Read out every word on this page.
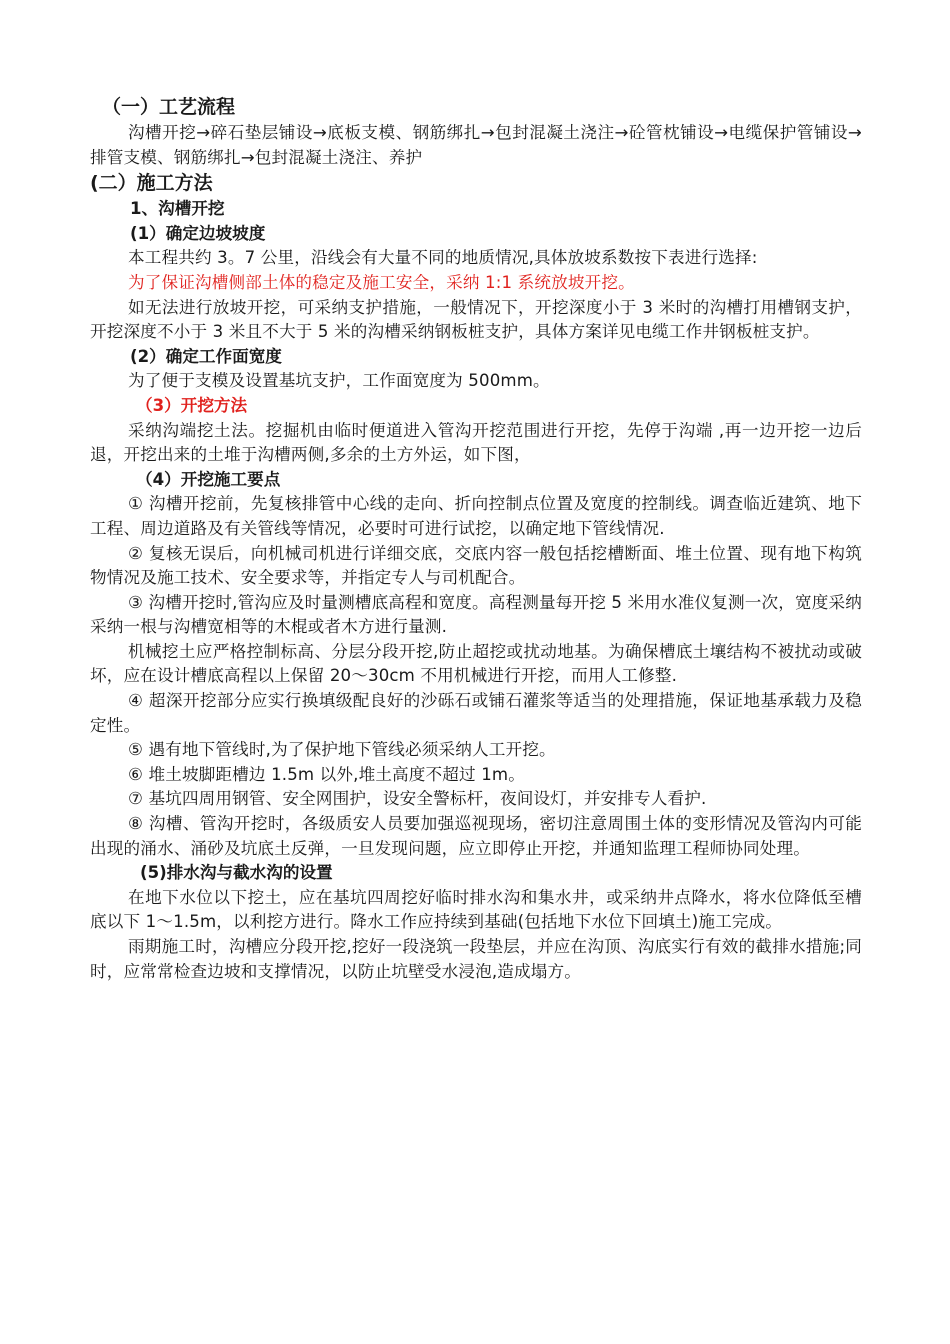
（一）工艺流程

沟槽开挖→碎石垫层铺设→底板支模、钢筋绑扎→包封混凝土浇注→砼管枕铺设→电缆保护管铺设→排管支模、钢筋绑扎→包封混凝土浇注、养护

(二）施工方法

1、沟槽开挖

(1）确定边坡坡度

本工程共约 3。7 公里，沿线会有大量不同的地质情况,具体放坡系数按下表进行选择:

为了保证沟槽侧部土体的稳定及施工安全，采纳 1:1 系统放坡开挖。

如无法进行放坡开挖，可采纳支护措施，一般情况下，开挖深度小于 3 米时的沟槽打用槽钢支护，开挖深度不小于 3 米且不大于 5 米的沟槽采纳钢板桩支护，具体方案详见电缆工作井钢板桩支护。

(2）确定工作面宽度

为了便于支模及设置基坑支护，工作面宽度为 500mm。

（3）开挖方法

采纳沟端挖土法。挖掘机由临时便道进入管沟开挖范围进行开挖，先停于沟端 ,再一边开挖一边后退，开挖出来的土堆于沟槽两侧,多余的土方外运，如下图，

（4）开挖施工要点

① 沟槽开挖前，先复核排管中心线的走向、折向控制点位置及宽度的控制线。调查临近建筑、地下工程、周边道路及有关管线等情况，必要时可进行试挖，以确定地下管线情况.

② 复核无误后，向机械司机进行详细交底，交底内容一般包括挖槽断面、堆土位置、现有地下构筑物情况及施工技术、安全要求等，并指定专人与司机配合。

③ 沟槽开挖时,管沟应及时量测槽底高程和宽度。高程测量每开挖 5 米用水准仪复测一次，宽度采纳采纳一根与沟槽宽相等的木棍或者木方进行量测.

机械挖土应严格控制标高、分层分段开挖,防止超挖或扰动地基。为确保槽底土壤结构不被扰动或破坏，应在设计槽底高程以上保留 20～30cm 不用机械进行开挖，而用人工修整.

④ 超深开挖部分应实行换填级配良好的沙砾石或铺石灌浆等适当的处理措施，保证地基承载力及稳定性。

⑤ 遇有地下管线时,为了保护地下管线必须采纳人工开挖。

⑥ 堆土坡脚距槽边 1.5m 以外,堆土高度不超过 1m。

⑦ 基坑四周用钢管、安全网围护，设安全警标杆，夜间设灯，并安排专人看护.

⑧ 沟槽、管沟开挖时，各级质安人员要加强巡视现场，密切注意周围土体的变形情况及管沟内可能出现的涌水、涌砂及坑底土反弹，一旦发现问题，应立即停止开挖，并通知监理工程师协同处理。

(5)排水沟与截水沟的设置

在地下水位以下挖土，应在基坑四周挖好临时排水沟和集水井，或采纳井点降水，将水位降低至槽底以下 1～1.5m，以利挖方进行。降水工作应持续到基础(包括地下水位下回填土)施工完成。

雨期施工时，沟槽应分段开挖,挖好一段浇筑一段垫层，并应在沟顶、沟底实行有效的截排水措施;同时，应常常检查边坡和支撑情况，以防止坑壁受水浸泡,造成塌方。
